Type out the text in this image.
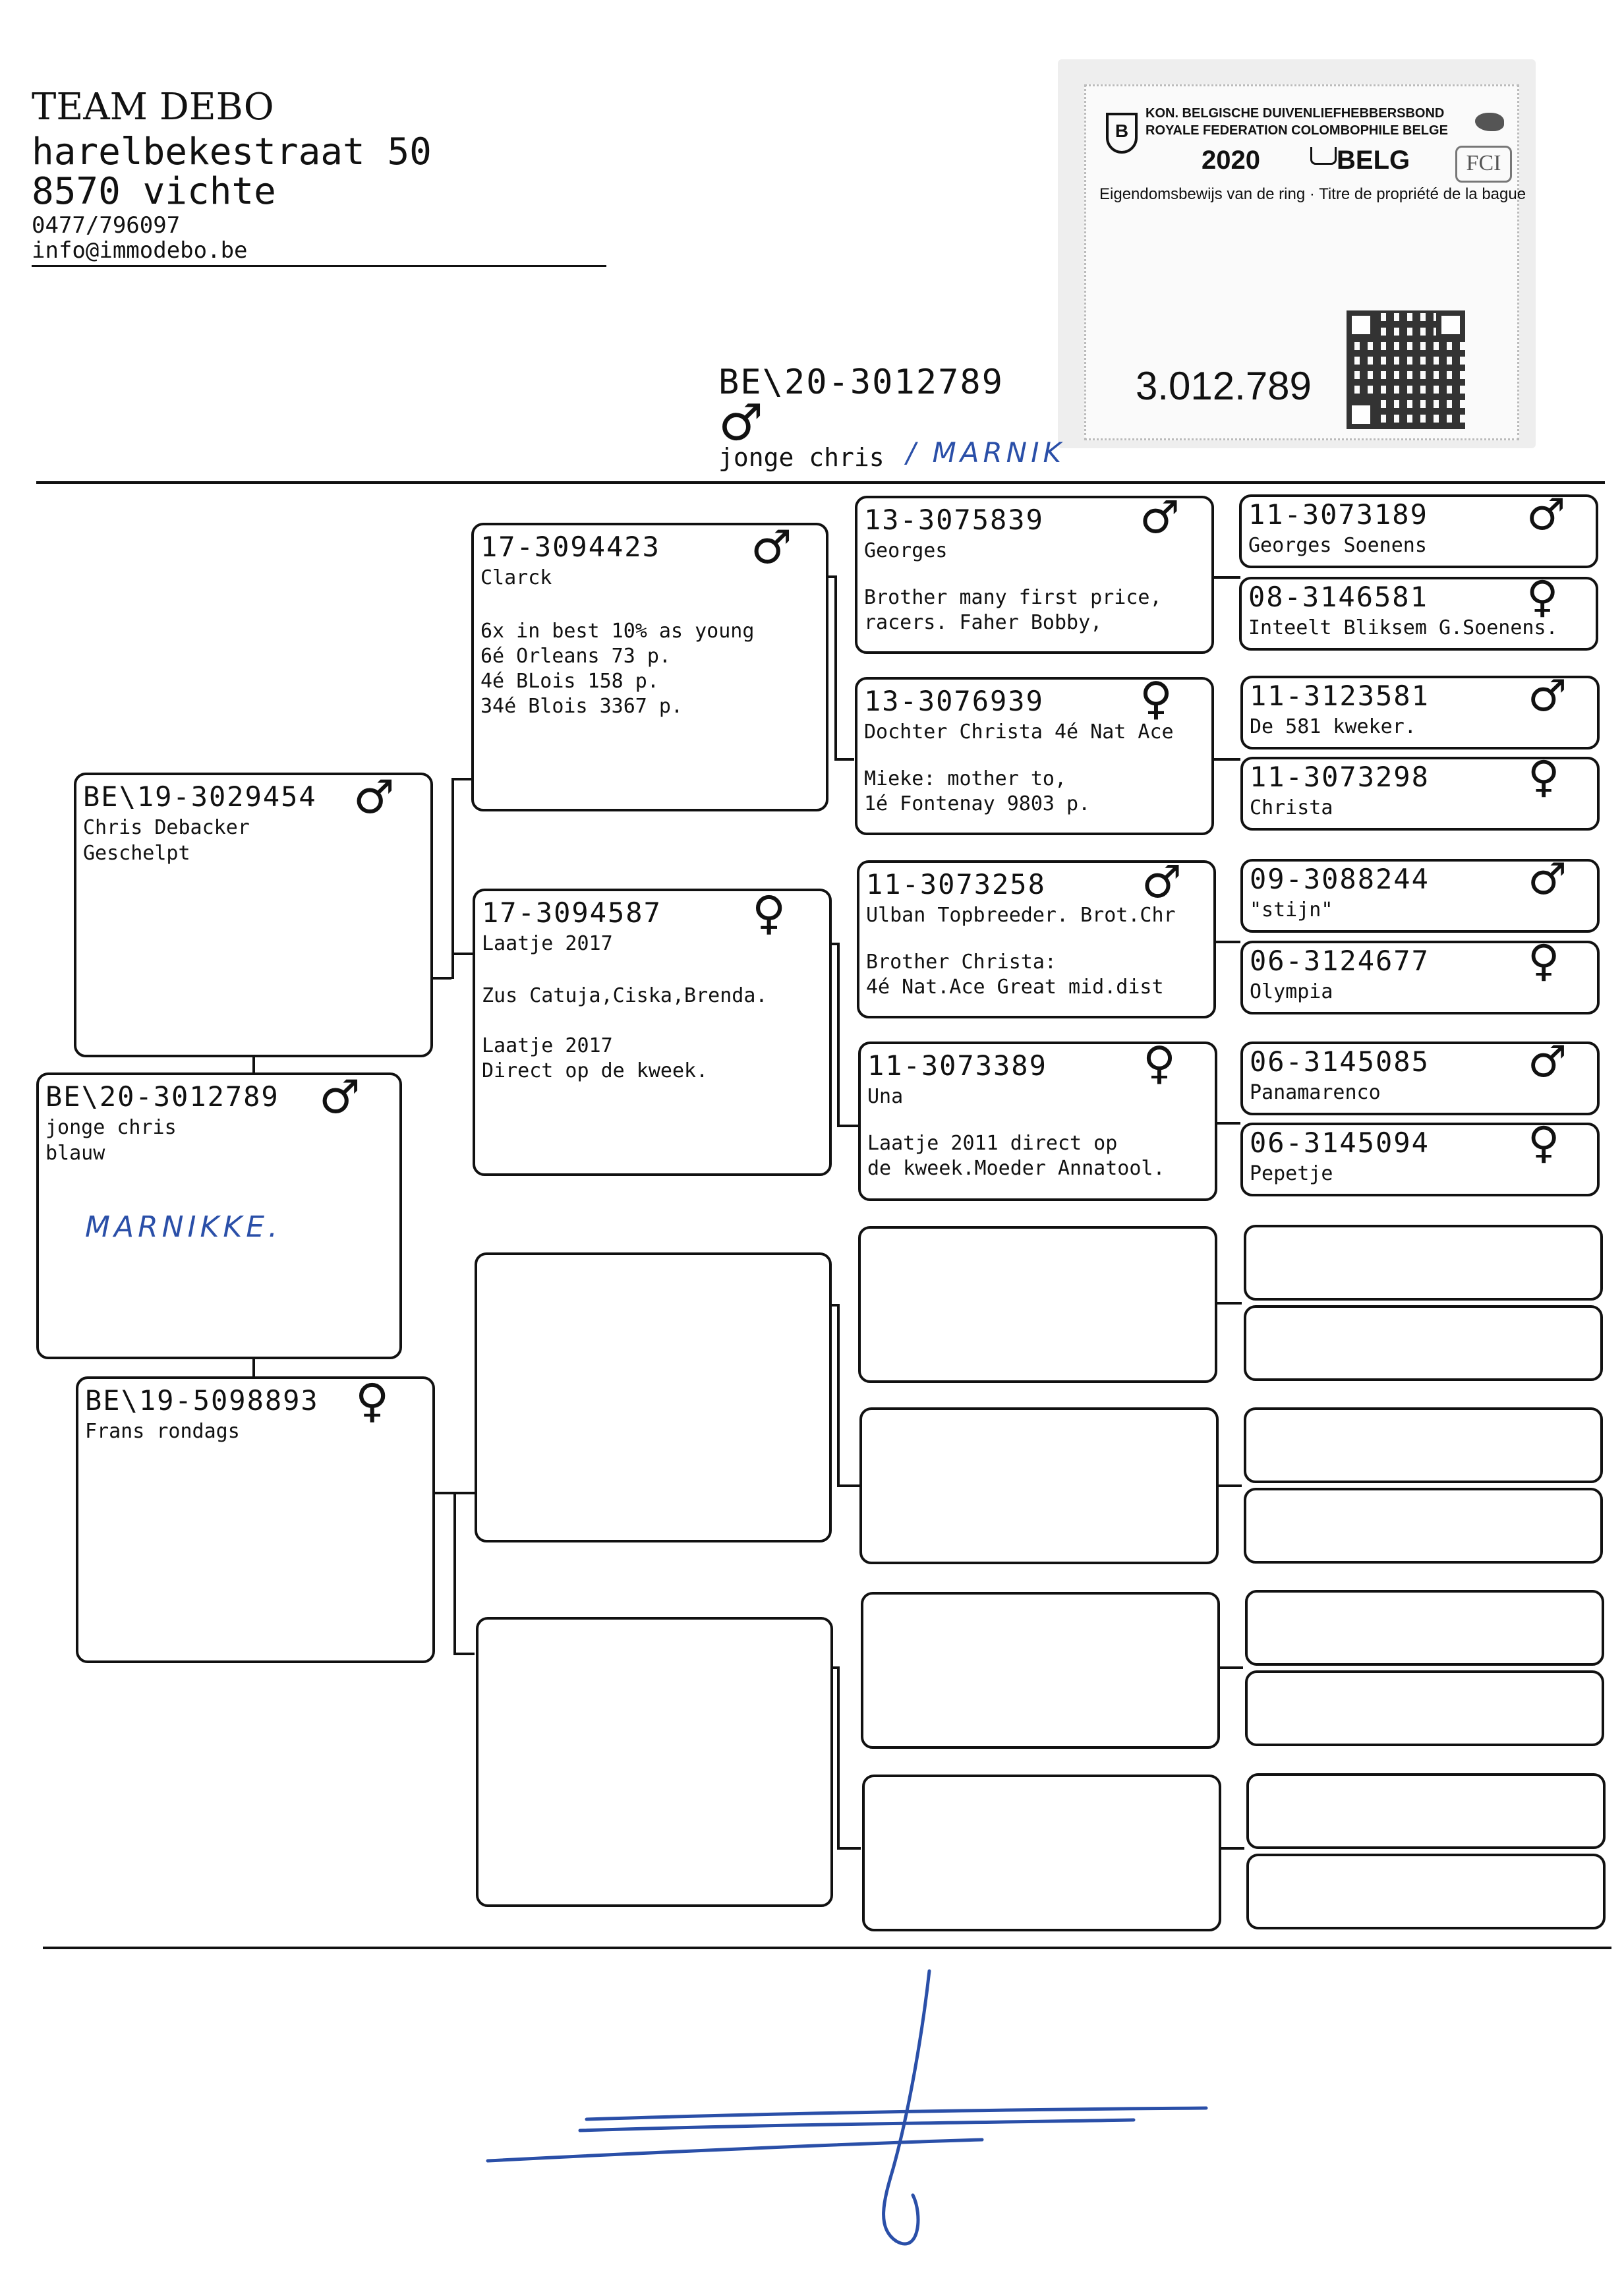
TEAM DEBO
harelbekestraat 50
8570 vichte
0477/796097
info@immodebo.be
B
KON. BELGISCHE DUIVENLIEFHEBBERSBOND
ROYALE FEDERATION COLOMBOPHILE BELGE
2020	BELG	FCI
Eigendomsbewijs van de ring · Titre de propriété de la bague
3.012.789
BE\20-3012789
♂
jonge chris / MARNIK
BE\20-3012789 ♂
jonge chris
blauw
MARNIKKE.
BE\19-3029454 ♂
Chris Debacker
Geschelpt
BE\19-5098893 ♀
Frans rondags
17-3094423 ♂
Clarck
6x in best 10% as young
6é Orleans 73 p.
4é BLois 158 p.
34é Blois 3367 p.
17-3094587 ♀
Laatje 2017
Zus Catuja,Ciska,Brenda.

Laatje 2017
Direct op de kweek.
13-3075839 ♂
Georges
Brother many first price,
racers. Faher Bobby,
13-3076939 ♀
Dochter Christa 4é Nat Ace
Mieke: mother to,
1é Fontenay 9803 p.
11-3073258 ♂
Ulban Topbreeder. Brot.Chr
Brother Christa:
4é Nat.Ace Great mid.dist
11-3073389 ♀
Una
Laatje 2011 direct op
de kweek.Moeder Annatool.
11-3073189 ♂
Georges Soenens
08-3146581 ♀
Inteelt Bliksem G.Soenens.
11-3123581 ♂
De 581 kweker.
11-3073298 ♀
Christa
09-3088244 ♂
"stijn"
06-3124677 ♀
Olympia
06-3145085 ♂
Panamarenco
06-3145094 ♀
Pepetje
